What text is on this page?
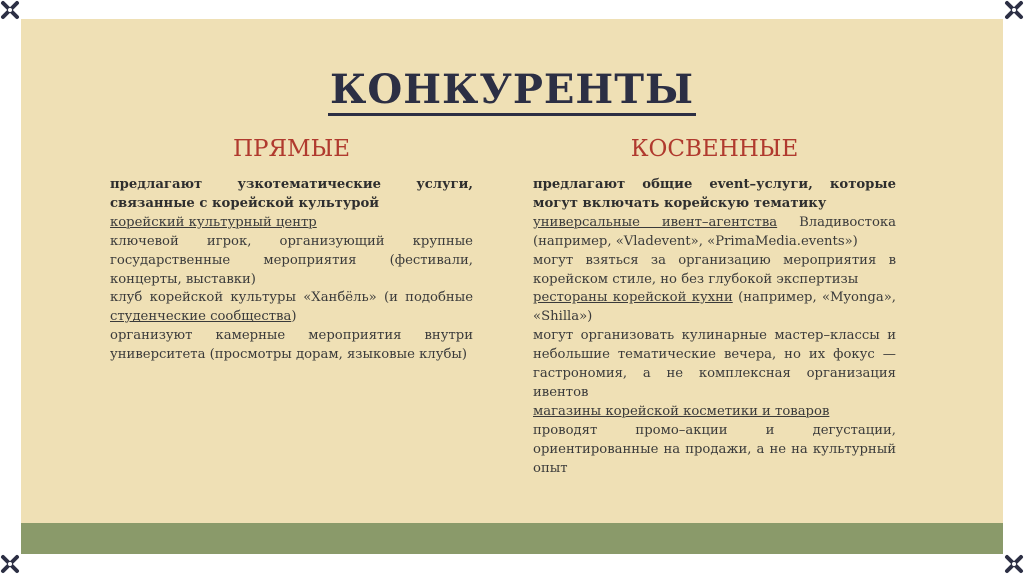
КОНКУРЕНТЫ
ПРЯМЫЕ	КОСВЕННЫЕ

предлагают узкотематические услуги, связанные с корейской культурой

корейский культурный центр

ключевой игрок, организующий крупные государственные мероприятия (фестивали, концерты, выставки)

клуб корейской культуры «Ханбёль» (и подобные студенческие сообщества)

организуют камерные мероприятия внутри университета (просмотры дорам, языковые клубы)

предлагают общие event–услуги, которые могут включать корейскую тематику

универсальные ивент–агентства Владивостока (например, «Vladevent», «PrimaMedia.events»)

могут взяться за организацию мероприятия в корейском стиле, но без глубокой экспертизы

рестораны корейской кухни (например, «Myonga», «Shilla»)

могут организовать кулинарные мастер–классы и небольшие тематические вечера, но их фокус — гастрономия, а не комплексная организация ивентов

магазины корейской косметики и товаров

проводят промо–акции и дегустации, ориентированные на продажи, а не на культурный опыт
